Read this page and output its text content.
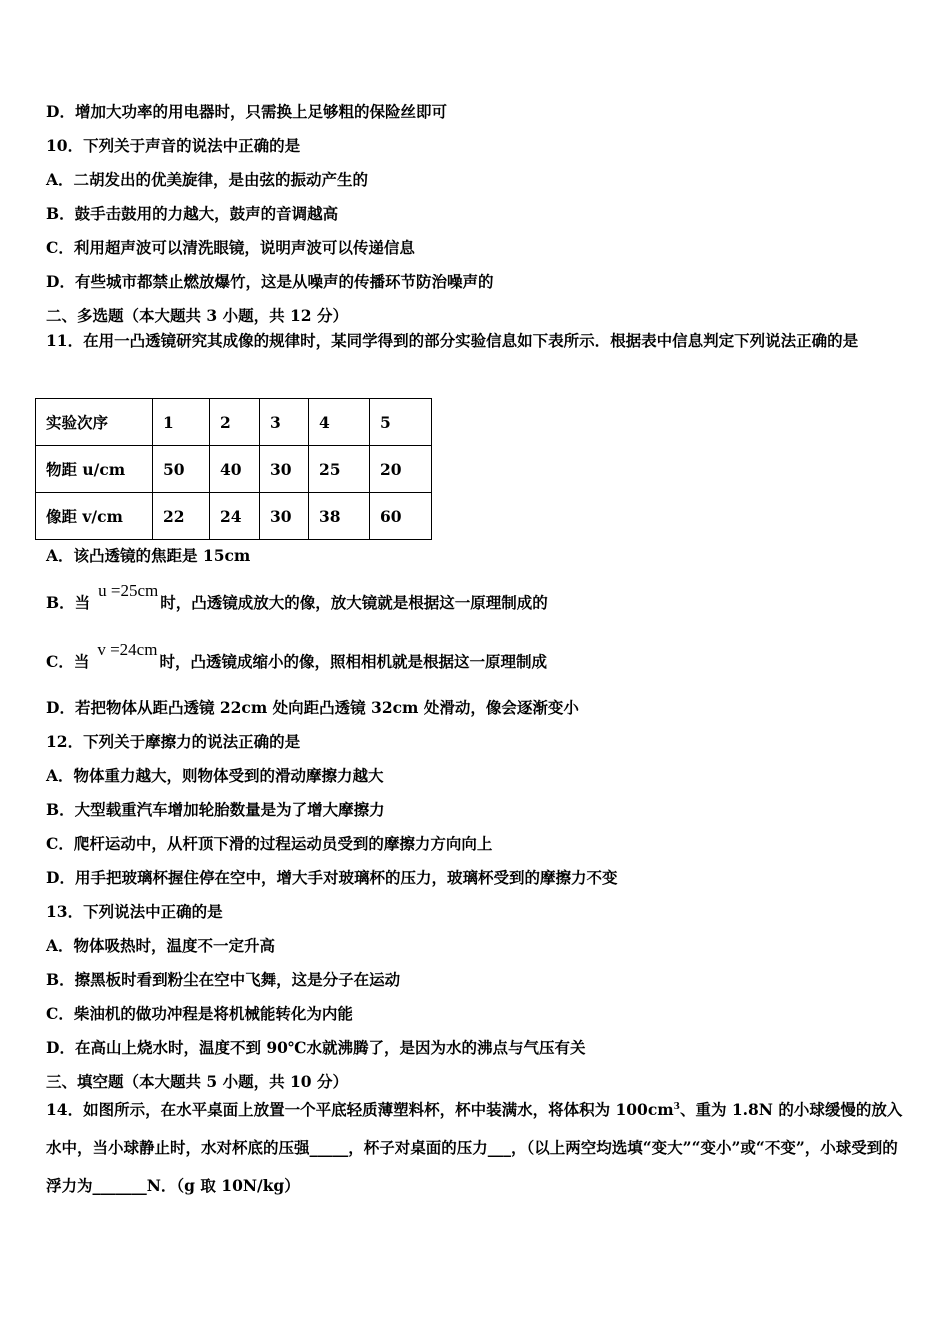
D．增加大功率的用电器时，只需换上足够粗的保险丝即可
10．下列关于声音的说法中正确的是
A．二胡发出的优美旋律，是由弦的振动产生的
B．鼓手击鼓用的力越大，鼓声的音调越高
C．利用超声波可以清洗眼镜，说明声波可以传递信息
D．有些城市都禁止燃放爆竹，这是从噪声的传播环节防治噪声的
二、多选题（本大题共 3 小题，共 12 分）
11．在用一凸透镜研究其成像的规律时，某同学得到的部分实验信息如下表所示．根据表中信息判定下列说法正确的是
实验次序	1	2	3	4	5
物距 u/cm	50	40	30	25	20
像距 v/cm	22	24	30	38	60
A．该凸透镜的焦距是 15cm
B．当u =25cm时，凸透镜成放大的像，放大镜就是根据这一原理制成的
C．当v =24cm时，凸透镜成缩小的像，照相相机就是根据这一原理制成
D．若把物体从距凸透镜 22cm 处向距凸透镜 32cm 处滑动，像会逐渐变小
12．下列关于摩擦力的说法正确的是
A．物体重力越大，则物体受到的滑动摩擦力越大
B．大型载重汽车增加轮胎数量是为了增大摩擦力
C．爬杆运动中，从杆顶下滑的过程运动员受到的摩擦力方向向上
D．用手把玻璃杯握住停在空中，增大手对玻璃杯的压力，玻璃杯受到的摩擦力不变
13．下列说法中正确的是
A．物体吸热时，温度不一定升高
B．擦黑板时看到粉尘在空中飞舞，这是分子在运动
C．柴油机的做功冲程是将机械能转化为内能
D．在高山上烧水时，温度不到 90℃水就沸腾了，是因为水的沸点与气压有关
三、填空题（本大题共 5 小题，共 10 分）
14．如图所示，在水平桌面上放置一个平底轻质薄塑料杯，杯中装满水，将体积为 $100cm^3$、重为 1.8N 的小球缓慢的放入水中，当小球静止时，水对杯底的压强_____，杯子对桌面的压力___，（以上两空均选填“变大”“变小”或“不变”，小球受到的浮力为_______N．（g 取 10N/kg）
